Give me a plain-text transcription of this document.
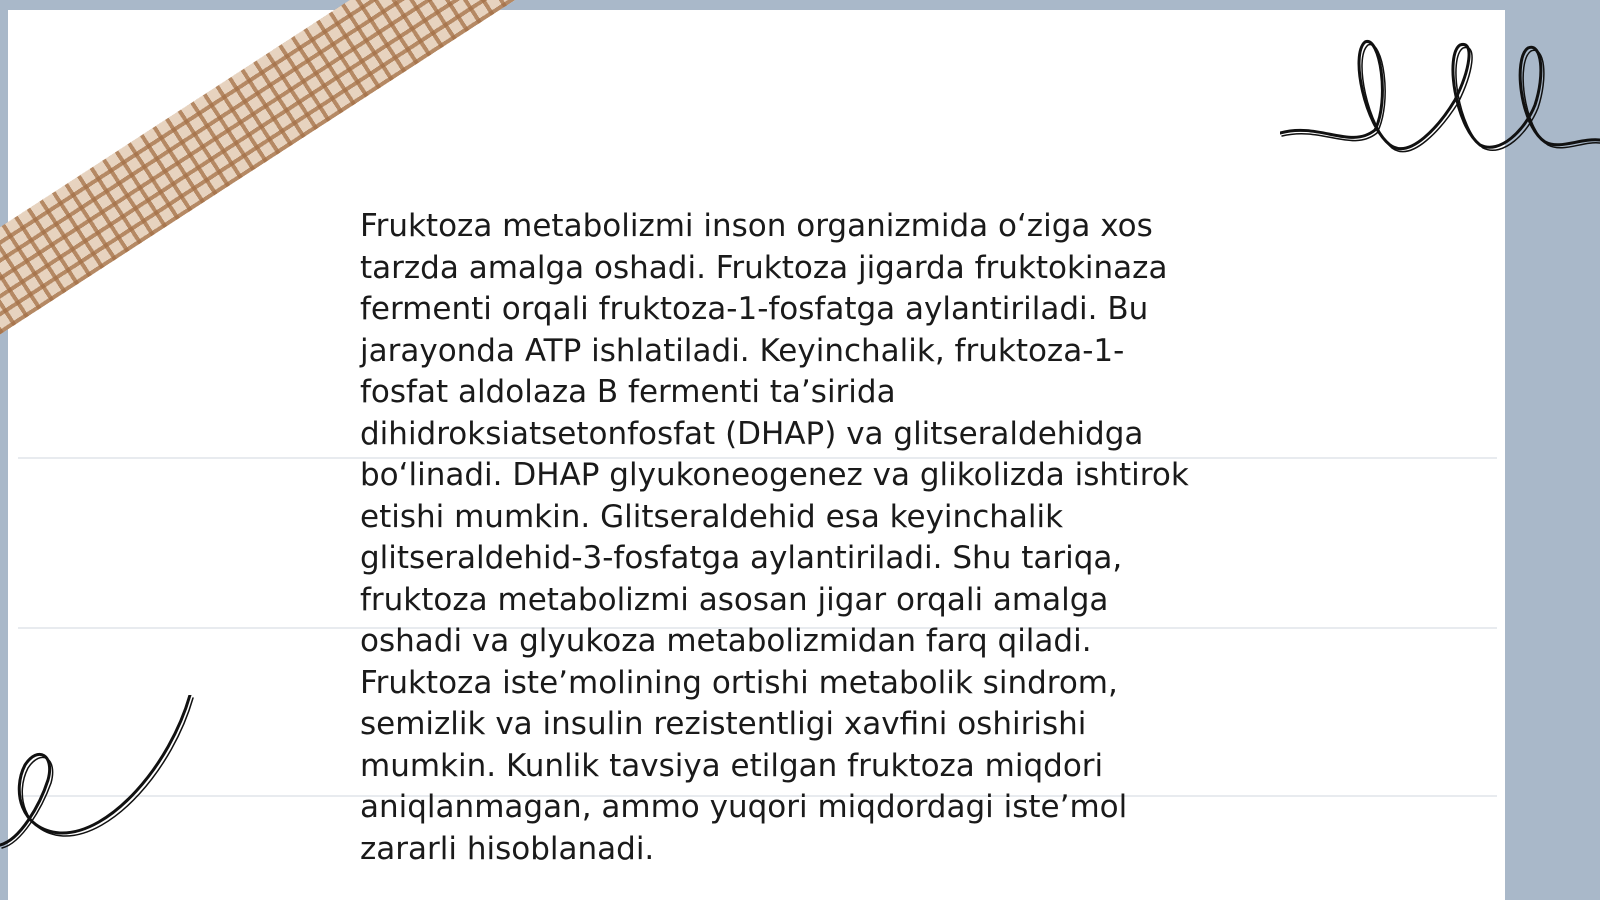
Fruktoza metabolizmi inson organizmida o‘ziga xos
tarzda amalga oshadi. Fruktoza jigarda fruktokinaza
fermenti orqali fruktoza-1-fosfatga aylantiriladi. Bu
jarayonda ATP ishlatiladi. Keyinchalik, fruktoza-1-
fosfat aldolaza B fermenti ta’sirida
dihidroksiatsetonfosfat (DHAP) va glitseraldehidga
bo‘linadi. DHAP glyukoneogenez va glikolizda ishtirok
etishi mumkin. Glitseraldehid esa keyinchalik
glitseraldehid-3-fosfatga aylantiriladi. Shu tariqa,
fruktoza metabolizmi asosan jigar orqali amalga
oshadi va glyukoza metabolizmidan farq qiladi.
Fruktoza iste’molining ortishi metabolik sindrom,
semizlik va insulin rezistentligi xavfini oshirishi
mumkin. Kunlik tavsiya etilgan fruktoza miqdori
aniqlanmagan, ammo yuqori miqdordagi iste’mol
zararli hisoblanadi.
